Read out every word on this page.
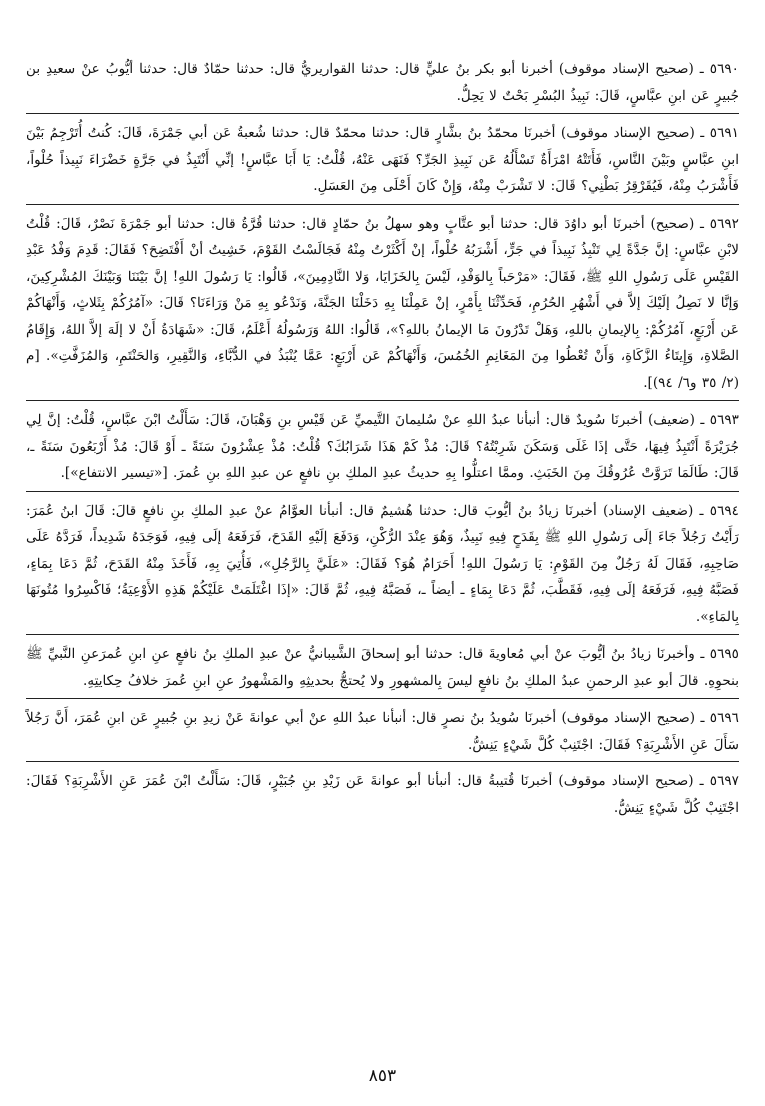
٥٦٩٠ ـ (صحيح الإسناد موقوف) أخبرنا أبو بكر بنُ عليٍّ قال: حدثنا القواريريُّ قال: حدثنا حمّادٌ قال: حدثنا أيُّوبُ عنْ سعيدِ بن جُبيرٍ عَن ابنِ عبَّاسٍ، قَالَ: نَبِيذُ البُسْرِ بَحْتٌ لا يَحِلُّ.

٥٦٩١ ـ (صحيح الإسناد موقوف) أخبرنَا محمّدُ بنُ بشَّارٍ قال: حدثنا محمّدٌ قال: حدثنا شُعبةُ عَن أبي جَمْرَةَ، قَالَ: كُنتُ أُتَرْجِمُ بَيْنَ ابنِ عبَّاسٍ وبَيْنَ النَّاسِ، فَأَتَتْهُ امْرَأَةٌ تَسْأَلُهُ عَن نَبِيذِ الجَرِّ؟ فَنَهَى عَنْهُ، قُلْتُ: يَا أَبَا عبَّاسٍ! إنِّي أَنْتَبِذُ في جَرَّةٍ خَضْرَاءَ نَبِيذاً حُلْواً، فَأَشْرَبُ مِنْهُ، فَيُقَرْقِرُ بَطْنِي؟ قَالَ: لا تَشْرَبْ مِنْهُ، وَإِنْ كَانَ أَحْلَى مِنَ العَسَلِ.

٥٦٩٢ ـ (صحيح) أخبرنَا أبو داوُدَ قال: حدثنا أبو عتَّابٍ وهو سهلُ بنُ حمّادٍ قال: حدثنا قُرَّةُ قال: حدثنا أبو جَمْرَةَ نَصْرٌ، قَالَ: قُلْتُ لابْنِ عبَّاسٍ: إنَّ جَدَّةً لِي تَنْبِذُ نَبِيذاً في جَرٍّ، أَشْرَبُهُ حُلْواً، إنْ أَكْثَرْتُ مِنْهُ فَجَالَسْتُ القَوْمَ، خَشِيتُ أنْ أَفْتَضِحَ؟ فَقَالَ: قَدِمَ وَفْدُ عَبْدِ القَيْسِ عَلَى رَسُولِ اللهِ ﷺ، فَقَالَ: «مَرْحَباً بِالوَفْدِ، لَيْسَ بِالخَزَايَا، وَلا النَّادِمِينَ»، قَالُوا: يَا رَسُولَ اللهِ! إنَّ بَيْنَنَا وَبَيْنَكَ المُشْرِكِينَ، وَإنَّا لا نَصِلُ إلَيْكَ إلاَّ في أَشْهُرِ الحُرُمِ، فَحَدِّثْنَا بِأَمْرٍ، إنْ عَمِلْنَا بِهِ دَخَلْنَا الجَنَّةَ، وَنَدْعُو بِهِ مَنْ وَرَاءَنَا؟ قَالَ: «آمُرُكُمْ بِثَلاثٍ، وَأَنْهَاكُمْ عَن أَرْبَعٍ، آمُرُكُمْ: بِالإيمانِ باللهِ، وَهَلْ تَدْرُونَ مَا الإيمانُ باللهِ؟»، قَالُوا: اللهُ وَرَسُولُهُ أَعْلَمُ، قَالَ: «شَهَادَةُ أَنْ لا إلَهَ إلاَّ اللهُ، وَإِقَامُ الصَّلاةِ، وَإِيتَاءُ الزَّكَاةِ، وَأَنْ تُعْطُوا مِنَ المَغَانِمِ الخُمُسَ، وَأَنْهَاكُمْ عَن أَرْبَعٍ: عَمَّا يُنْبَذُ في الدُّبَّاءِ، وَالنَّقِيرِ، وَالحَنْتَمِ، وَالمُزَفَّتِ». [م (٢/ ٣٥ و٦/ ٩٤)].

٥٦٩٣ ـ (ضعيف) أخبرنَا سُويدٌ قال: أنبأنا عبدُ اللهِ عنْ سُليمانَ التَّيميِّ عَن قَيْسِ بنِ وَهْبَانَ، قَالَ: سَأَلْتُ ابْنَ عبَّاسٍ، قُلْتُ: إنَّ لِي جُرَيْرَةً أَنْتَبِذُ فِيهَا، حَتَّى إذَا غَلَى وَسَكَنَ شَرِبْتُهُ؟ قَالَ: مُذْ كَمْ هَذَا شَرَابُكَ؟ قُلْتُ: مُذْ عِشْرُونَ سَنَةً ـ أَوْ قَالَ: مُذْ أَرْبَعُونَ سَنَةً ـ، قَالَ: طَالَمَا تَرَوَّتْ عُرُوقُكَ مِنَ الخَبَثِ. وممَّا اعتلُّوا بِهِ حديثُ عبدِ الملكِ بنِ نافعٍ عن عبدِ اللهِ بنِ عُمرَ. [«تيسير الانتفاع»].

٥٦٩٤ ـ (ضعيف الإسناد) أخبرنَا زيادُ بنُ أيُّوبَ قال: حدثنا هُشيمٌ قال: أنبأنا العوَّامُ عنْ عبدِ الملكِ بنِ نافعٍ قالَ: قَالَ ابنُ عُمَرَ: رَأَيْتُ رَجُلاً جَاءَ إلَى رَسُولِ اللهِ ﷺ بِقَدَحٍ فِيهِ نَبِيذٌ، وَهُوَ عِنْدَ الرُّكْنِ، وَدَفَعَ إلَيْهِ القَدَحَ، فَرَفَعَهُ إلَى فِيهِ، فَوَجَدَهُ شَدِيداً، فَرَدَّهُ عَلَى صَاحِبِهِ، فَقَالَ لَهُ رَجُلٌ مِنَ القَوْمِ: يَا رَسُولَ اللهِ! أَحَرَامٌ هُوَ؟ فَقَالَ: «عَلَيَّ بِالرَّجُلِ»، فَأُتِيَ بِهِ، فَأَخَذَ مِنْهُ القَدَحَ، ثُمَّ دَعَا بِمَاءٍ، فَصَبَّهُ فِيهِ، فَرَفَعَهُ إلَى فِيهِ، فَقَطَّبَ، ثُمَّ دَعَا بِمَاءٍ ـ أيضاً ـ، فَصَبَّهُ فِيهِ، ثُمَّ قَالَ: «إذَا اغْتَلَمَتْ عَلَيْكُمْ هَذِهِ الأَوْعِيَةُ؛ فَاكْسِرُوا مُتُونَهَا بِالمَاءِ».

٥٦٩٥ ـ وأخبرنَا زيادُ بنُ أيُّوبَ عنْ أبي مُعاويةَ قال: حدثنا أبو إسحاقَ الشَّيبانيُّ عنْ عبدِ الملكِ بنُ نافعٍ عنِ ابنِ عُمرَعنِ النَّبيِّ ﷺ بنحوِهِ. قالَ أبو عبدِ الرحمنِ عبدُ الملكِ بنُ نافعٍ ليسَ بِالمشهورِ ولا يُحتجُّ بحديثِهِ والمَشْهورُ عنِ ابنِ عُمرَ خلافُ حِكايتِهِ.

٥٦٩٦ ـ (صحيح الإسناد موقوف) أخبرنَا سُويدُ بنُ نصرٍ قال: أنبأنا عبدُ اللهِ عنْ أبي عوانةَ عَنْ زيدِ بنِ جُبيرٍ عَن ابنِ عُمَرَ، أَنَّ رَجُلاً سَأَلَ عَنِ الأَشْرِبَةِ؟ فَقَالَ: اجْتَنِبْ كُلَّ شَيْءٍ يَنِشُّ.

٥٦٩٧ ـ (صحيح الإسناد موقوف) أخبرنَا قُتيبةُ قال: أنبأنا أبو عوانةَ عَن زَيْدِ بنِ جُبَيْرٍ، قَالَ: سَأَلْتُ ابْنَ عُمَرَ عَنِ الأَشْرِبَةِ؟ فَقَالَ: اجْتَنِبْ كُلَّ شَيْءٍ يَنِشُّ.

٨٥٣
